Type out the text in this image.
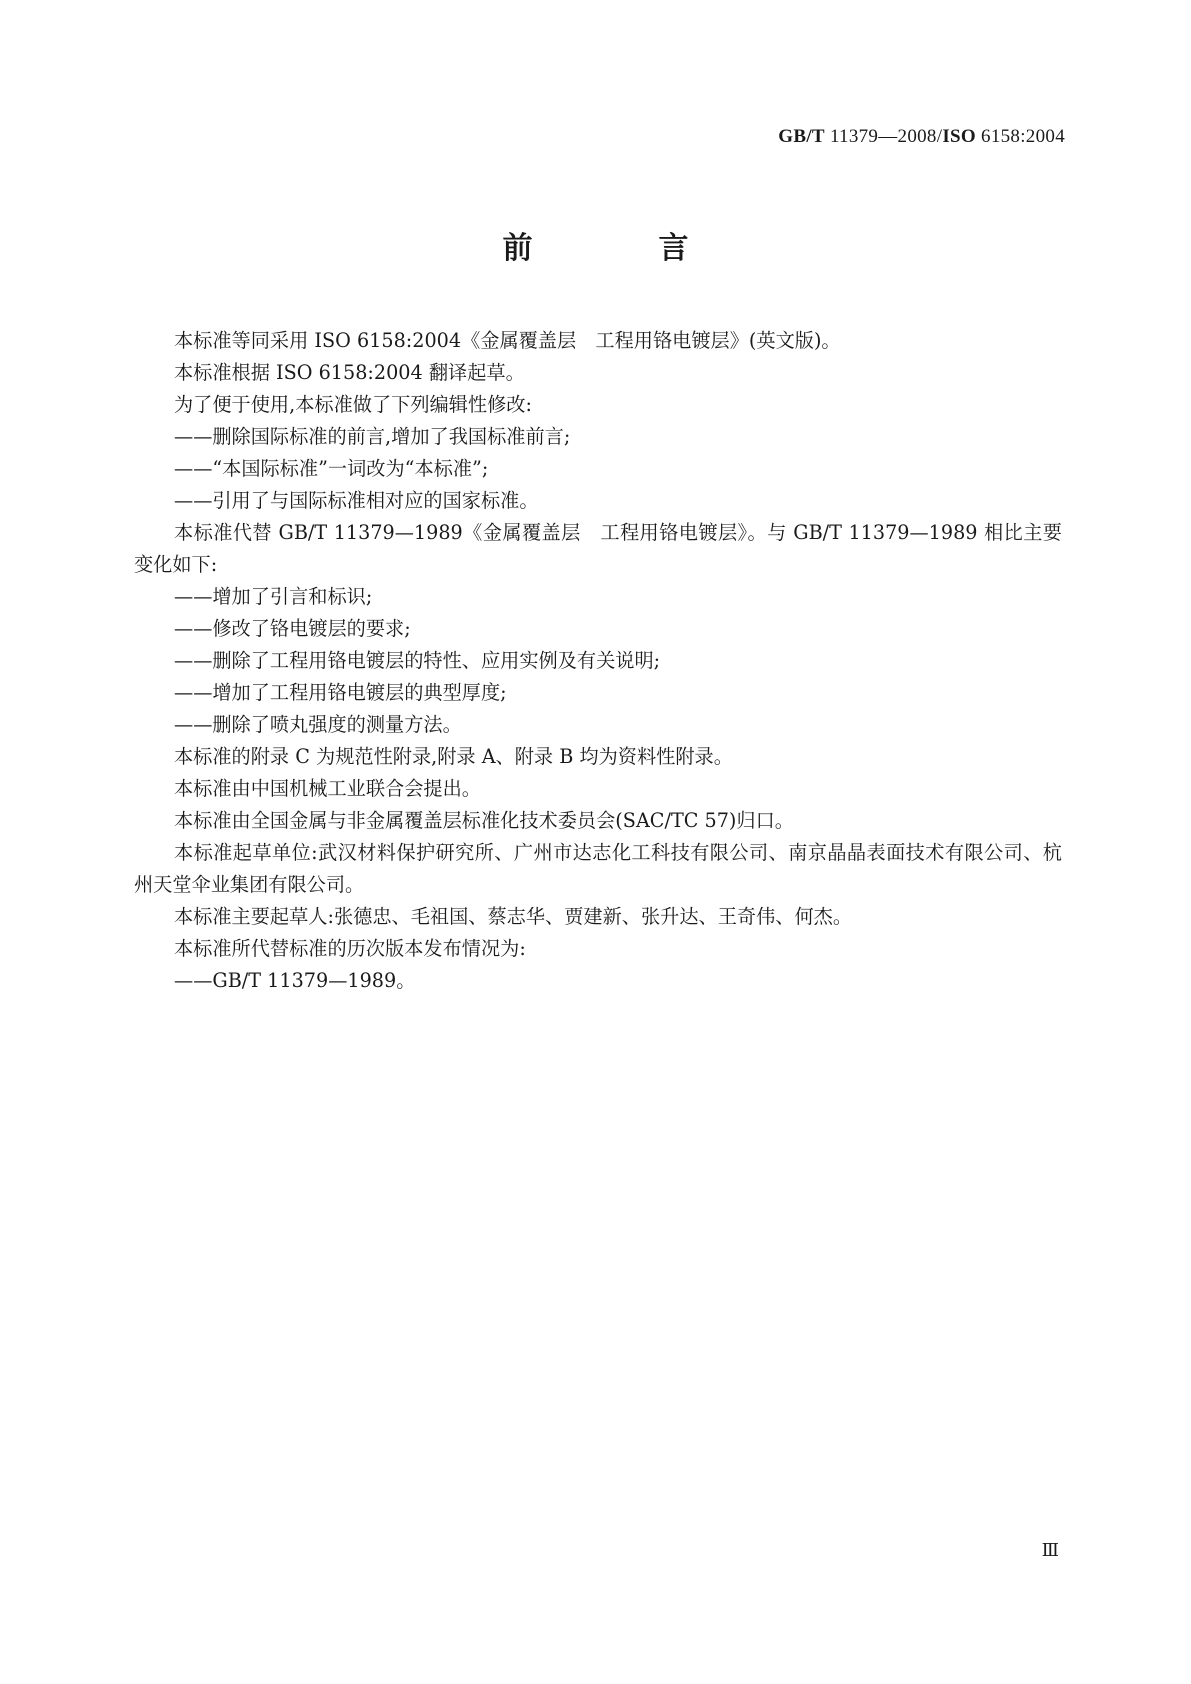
GB/T 11379—2008/ISO 6158:2004
前　言

本标准等同采用 ISO 6158:2004《金属覆盖层　工程用铬电镀层》(英文版)。

本标准根据 ISO 6158:2004 翻译起草。

为了便于使用,本标准做了下列编辑性修改:

——删除国际标准的前言,增加了我国标准前言;

——“本国际标准”一词改为“本标准”;

——引用了与国际标准相对应的国家标准。

本标准代替 GB/T 11379—1989《金属覆盖层　工程用铬电镀层》。与 GB/T 11379—1989 相比主要变化如下:

——增加了引言和标识;

——修改了铬电镀层的要求;

——删除了工程用铬电镀层的特性、应用实例及有关说明;

——增加了工程用铬电镀层的典型厚度;

——删除了喷丸强度的测量方法。

本标准的附录 C 为规范性附录,附录 A、附录 B 均为资料性附录。

本标准由中国机械工业联合会提出。

本标准由全国金属与非金属覆盖层标准化技术委员会(SAC/TC 57)归口。

本标准起草单位:武汉材料保护研究所、广州市达志化工科技有限公司、南京晶晶表面技术有限公司、杭州天堂伞业集团有限公司。

本标准主要起草人:张德忠、毛祖国、蔡志华、贾建新、张升达、王奇伟、何杰。

本标准所代替标准的历次版本发布情况为:

——GB/T 11379—1989。

Ⅲ
